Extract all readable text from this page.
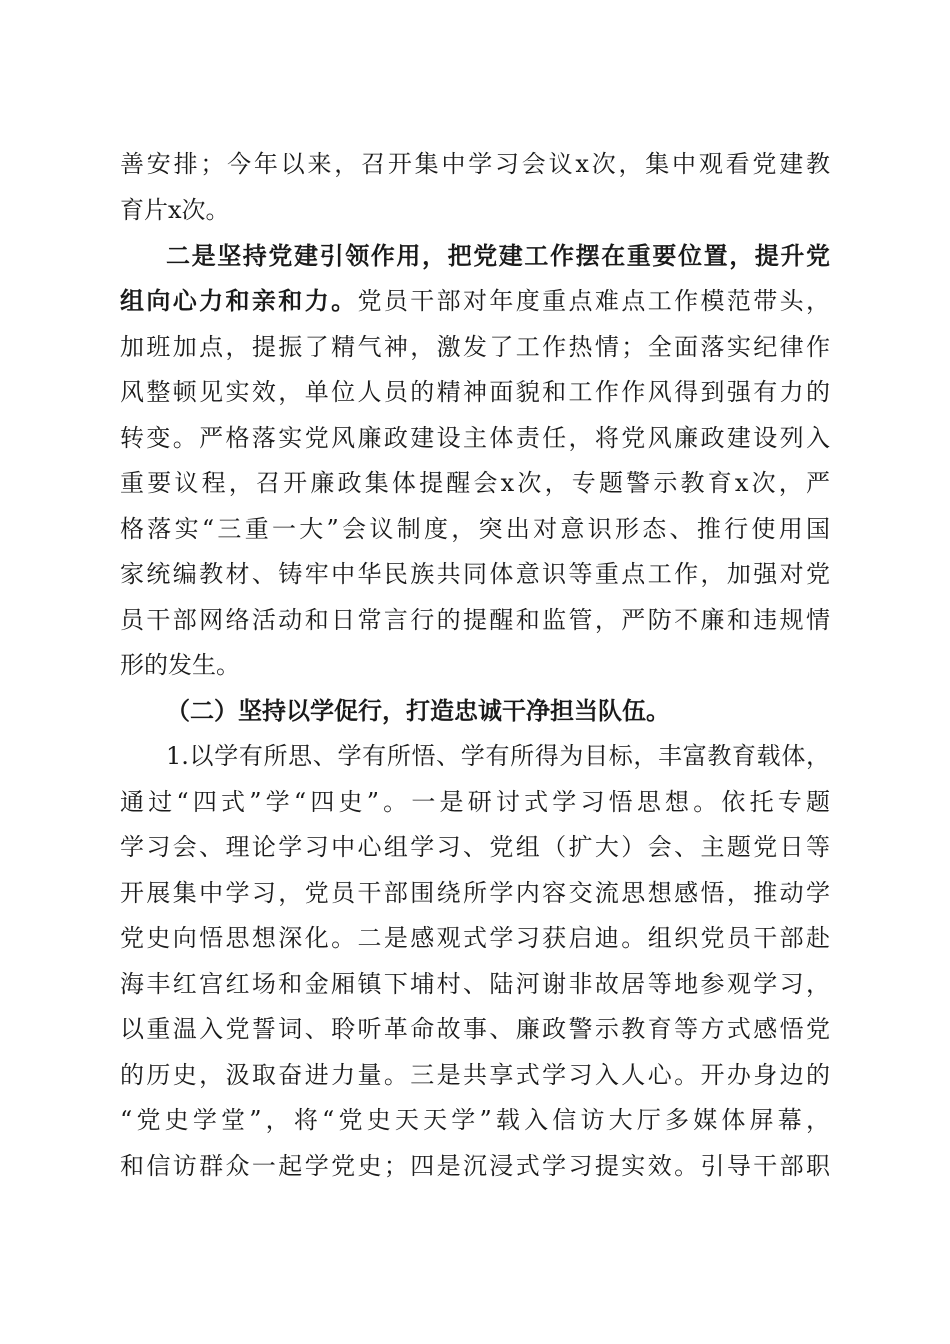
善安排；今年以来，召开集中学习会议x次，集中观看党建教
育片x次。
二是坚持党建引领作用，把党建工作摆在重要位置，提升党
组向心力和亲和力。党员干部对年度重点难点工作模范带头，
加班加点，提振了精气神，激发了工作热情；全面落实纪律作
风整顿见实效，单位人员的精神面貌和工作作风得到强有力的
转变。严格落实党风廉政建设主体责任，将党风廉政建设列入
重要议程，召开廉政集体提醒会x次，专题警示教育x次，严
格落实“三重一大”会议制度，突出对意识形态、推行使用国
家统编教材、铸牢中华民族共同体意识等重点工作，加强对党
员干部网络活动和日常言行的提醒和监管，严防不廉和违规情
形的发生。
（二）坚持以学促行，打造忠诚干净担当队伍。
1.以学有所思、学有所悟、学有所得为目标，丰富教育载体，
通过“四式”学“四史”。一是研讨式学习悟思想。依托专题
学习会、理论学习中心组学习、党组（扩大）会、主题党日等
开展集中学习，党员干部围绕所学内容交流思想感悟，推动学
党史向悟思想深化。二是感观式学习获启迪。组织党员干部赴
海丰红宫红场和金厢镇下埔村、陆河谢非故居等地参观学习，
以重温入党誓词、聆听革命故事、廉政警示教育等方式感悟党
的历史，汲取奋进力量。三是共享式学习入人心。开办身边的
“党史学堂”，将“党史天天学”载入信访大厅多媒体屏幕，
和信访群众一起学党史；四是沉浸式学习提实效。引导干部职
